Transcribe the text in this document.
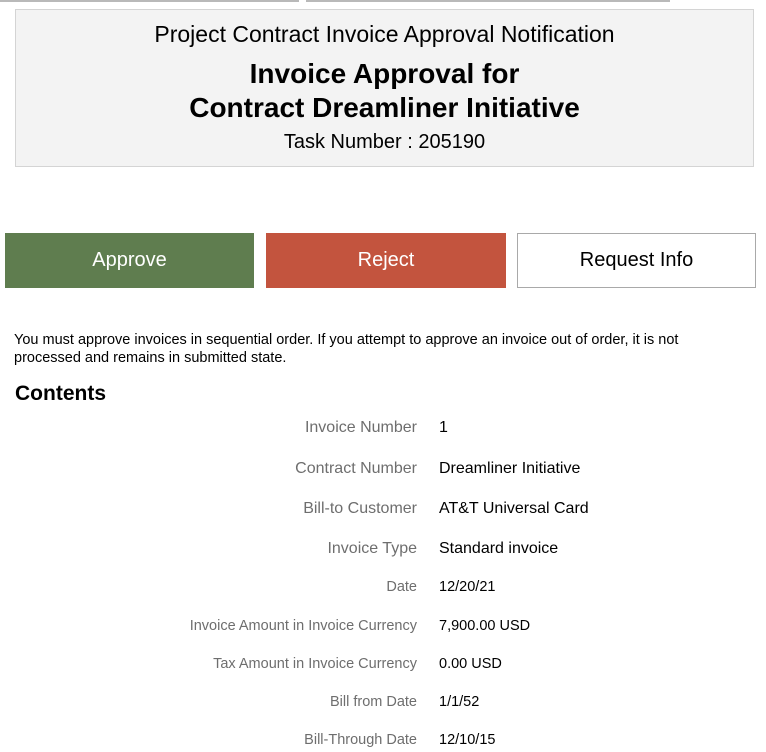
Project Contract Invoice Approval Notification
Invoice Approval for
Contract Dreamliner Initiative
Task Number : 205190
Approve	Reject	Request Info
You must approve invoices in sequential order. If you attempt to approve an invoice out of order, it is not processed and remains in submitted state.
Contents
Invoice Number 1
Contract Number Dreamliner Initiative
Bill-to Customer AT&T Universal Card
Invoice Type Standard invoice
Date 12/20/21
Invoice Amount in Invoice Currency 7,900.00 USD
Tax Amount in Invoice Currency 0.00 USD
Bill from Date 1/1/52
Bill-Through Date 12/10/15
